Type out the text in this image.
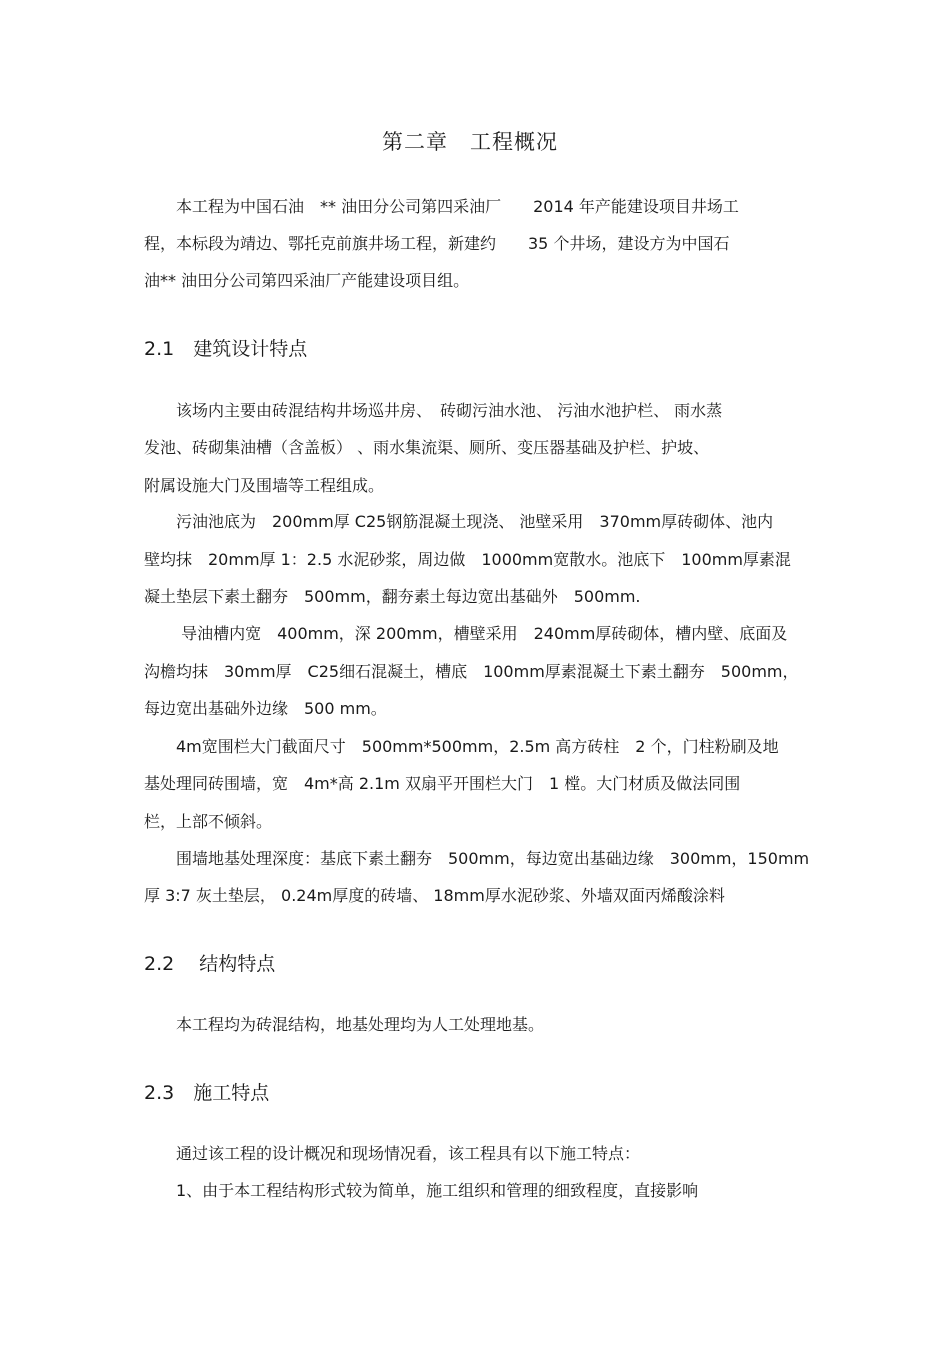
第二章　工程概况
　　本工程为中国石油　** 油田分公司第四采油厂　　2014 年产能建设项目井场工
程，本标段为靖边、鄂托克前旗井场工程，新建约　　35 个井场，建设方为中国石
油** 油田分公司第四采油厂产能建设项目组。
2.1　建筑设计特点
　　该场内主要由砖混结构井场巡井房、　砖砌污油水池、 污油水池护栏、 雨水蒸
发池、砖砌集油槽（含盖板） 、雨水集流渠、厕所、变压器基础及护栏、护坡、
附属设施大门及围墙等工程组成。
　　污油池底为　200mm厚 C25钢筋混凝土现浇、 池壁采用　370mm厚砖砌体、池内
壁均抹　20mm厚 1：2.5 水泥砂浆，周边做　1000mm宽散水。池底下　100mm厚素混
凝土垫层下素土翻夯　500mm，翻夯素土每边宽出基础外　500mm.
　　 导油槽内宽　400mm，深 200mm，槽壁采用　240mm厚砖砌体，槽内壁、底面及
沟檐均抹　30mm厚　C25细石混凝土，槽底　100mm厚素混凝土下素土翻夯　500mm，
每边宽出基础外边缘　500 mm。
　　4m宽围栏大门截面尺寸　500mm*500mm，2.5m 高方砖柱　2 个，门柱粉刷及地
基处理同砖围墙，宽　4m*高 2.1m 双扇平开围栏大门　1 樘。大门材质及做法同围
栏，上部不倾斜。
　　围墙地基处理深度：基底下素土翻夯　500mm，每边宽出基础边缘　300mm，150mm
厚 3:7 灰土垫层， 0.24m厚度的砖墙、 18mm厚水泥砂浆、外墙双面丙烯酸涂料
2.2　 结构特点
　　本工程均为砖混结构，地基处理均为人工处理地基。
2.3　施工特点
　　通过该工程的设计概况和现场情况看，该工程具有以下施工特点：
　　1、由于本工程结构形式较为简单，施工组织和管理的细致程度，直接影响
